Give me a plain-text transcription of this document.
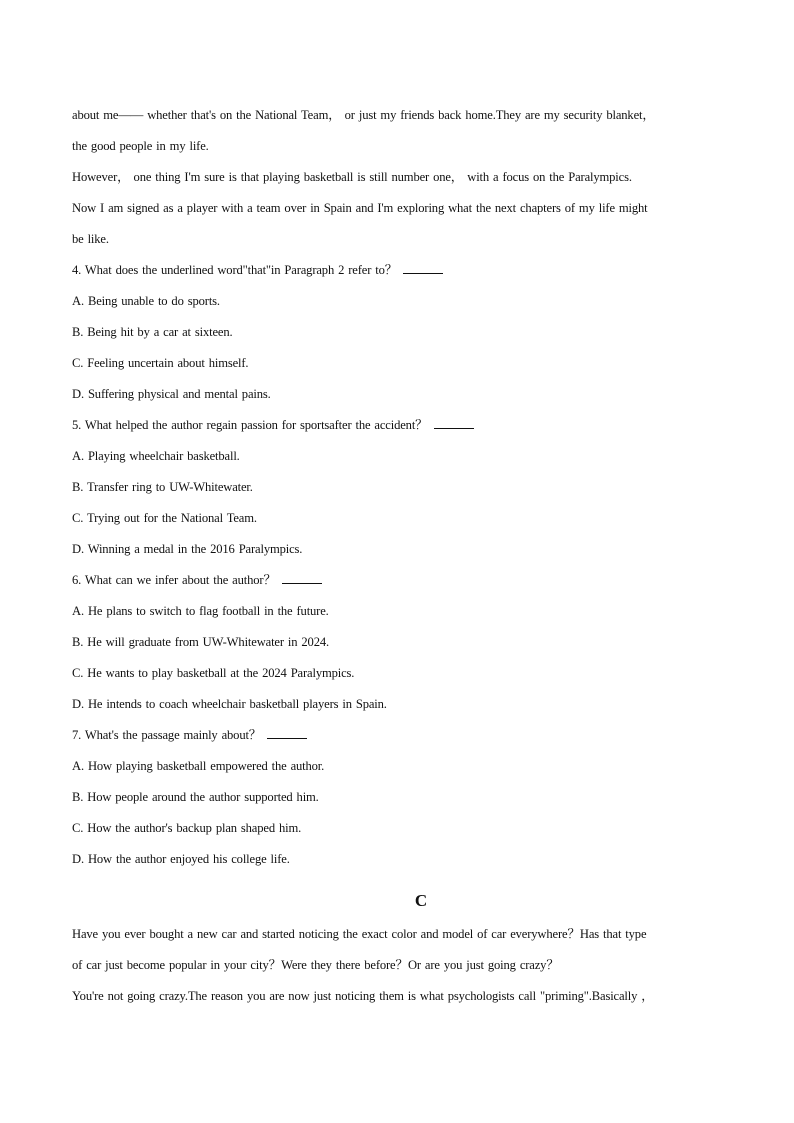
about me—— whether that's on the National Team， or just my friends back home.They are my security blanket，
the good people in my life.
However， one thing I'm sure is that playing basketball is still number one， with a focus on the Paralympics.
Now I am signed as a player with a team over in Spain and I'm exploring what the next chapters of my life might
be like.
4. What does the underlined word"that"in Paragraph 2 refer to？
A. Being unable to do sports.
B. Being hit by a car at sixteen.
C. Feeling uncertain about himself.
D. Suffering physical and mental pains.
5. What helped the author regain passion for sportsafter the accident？
A. Playing wheelchair basketball.
B. Transfer ring to UW-Whitewater.
C. Trying out for the National Team.
D. Winning a medal in the 2016 Paralympics.
6. What can we infer about the author？
A. He plans to switch to flag football in the future.
B. He will graduate from UW-Whitewater in 2024.
C. He wants to play basketball at the 2024 Paralympics.
D. He intends to coach wheelchair basketball players in Spain.
7. What's the passage mainly about？
A. How playing basketball empowered the author.
B. How people around the author supported him.
C. How the author's backup plan shaped him.
D. How the author enjoyed his college life.
C
Have you ever bought a new car and started noticing the exact color and model of car everywhere？Has that type
of car just become popular in your city？Were they there before？Or are you just going crazy？
You're not going crazy.The reason you are now just noticing them is what psychologists call "priming".Basically ，
